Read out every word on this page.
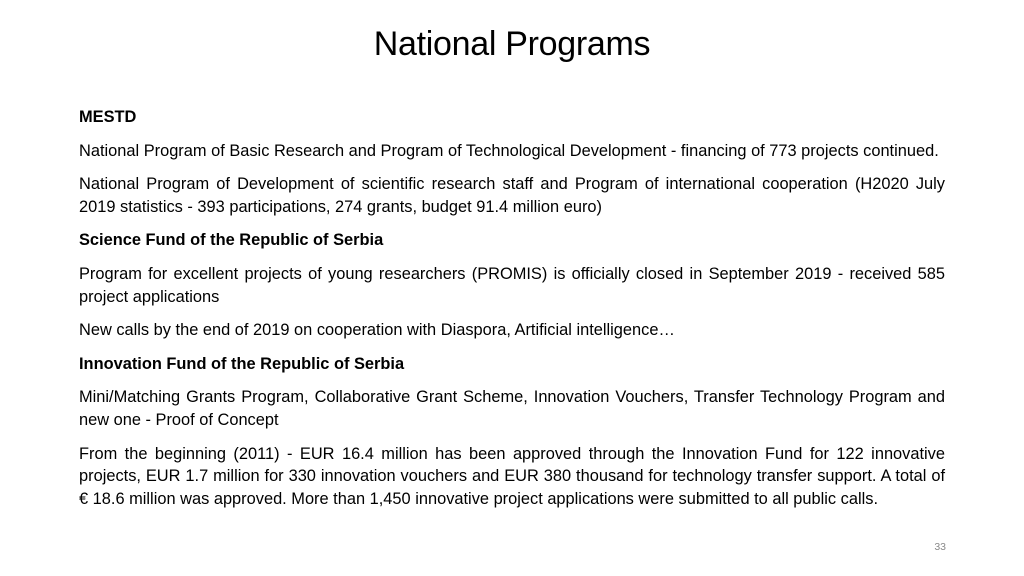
National Programs

MESTD

National Program of Basic Research and Program of Technological Development - financing of 773 projects continued.

National Program of Development of scientific research staff and Program of international cooperation (H2020 July 2019 statistics - 393 participations, 274 grants, budget 91.4 million euro)

Science Fund of the Republic of Serbia

Program for excellent projects of young researchers (PROMIS) is officially closed in September 2019 - received 585 project applications

New calls by the end of 2019 on cooperation with Diaspora, Artificial intelligence…

Innovation Fund of the Republic of Serbia

Mini/Matching Grants Program, Collaborative Grant Scheme, Innovation Vouchers, Transfer Technology Program and new one - Proof of Concept

From the beginning (2011) - EUR 16.4 million has been approved through the Innovation Fund for 122 innovative projects, EUR 1.7 million for 330 innovation vouchers and EUR 380 thousand for technology transfer support. A total of € 18.6 million was approved. More than 1,450 innovative project applications were submitted to all public calls.

33
